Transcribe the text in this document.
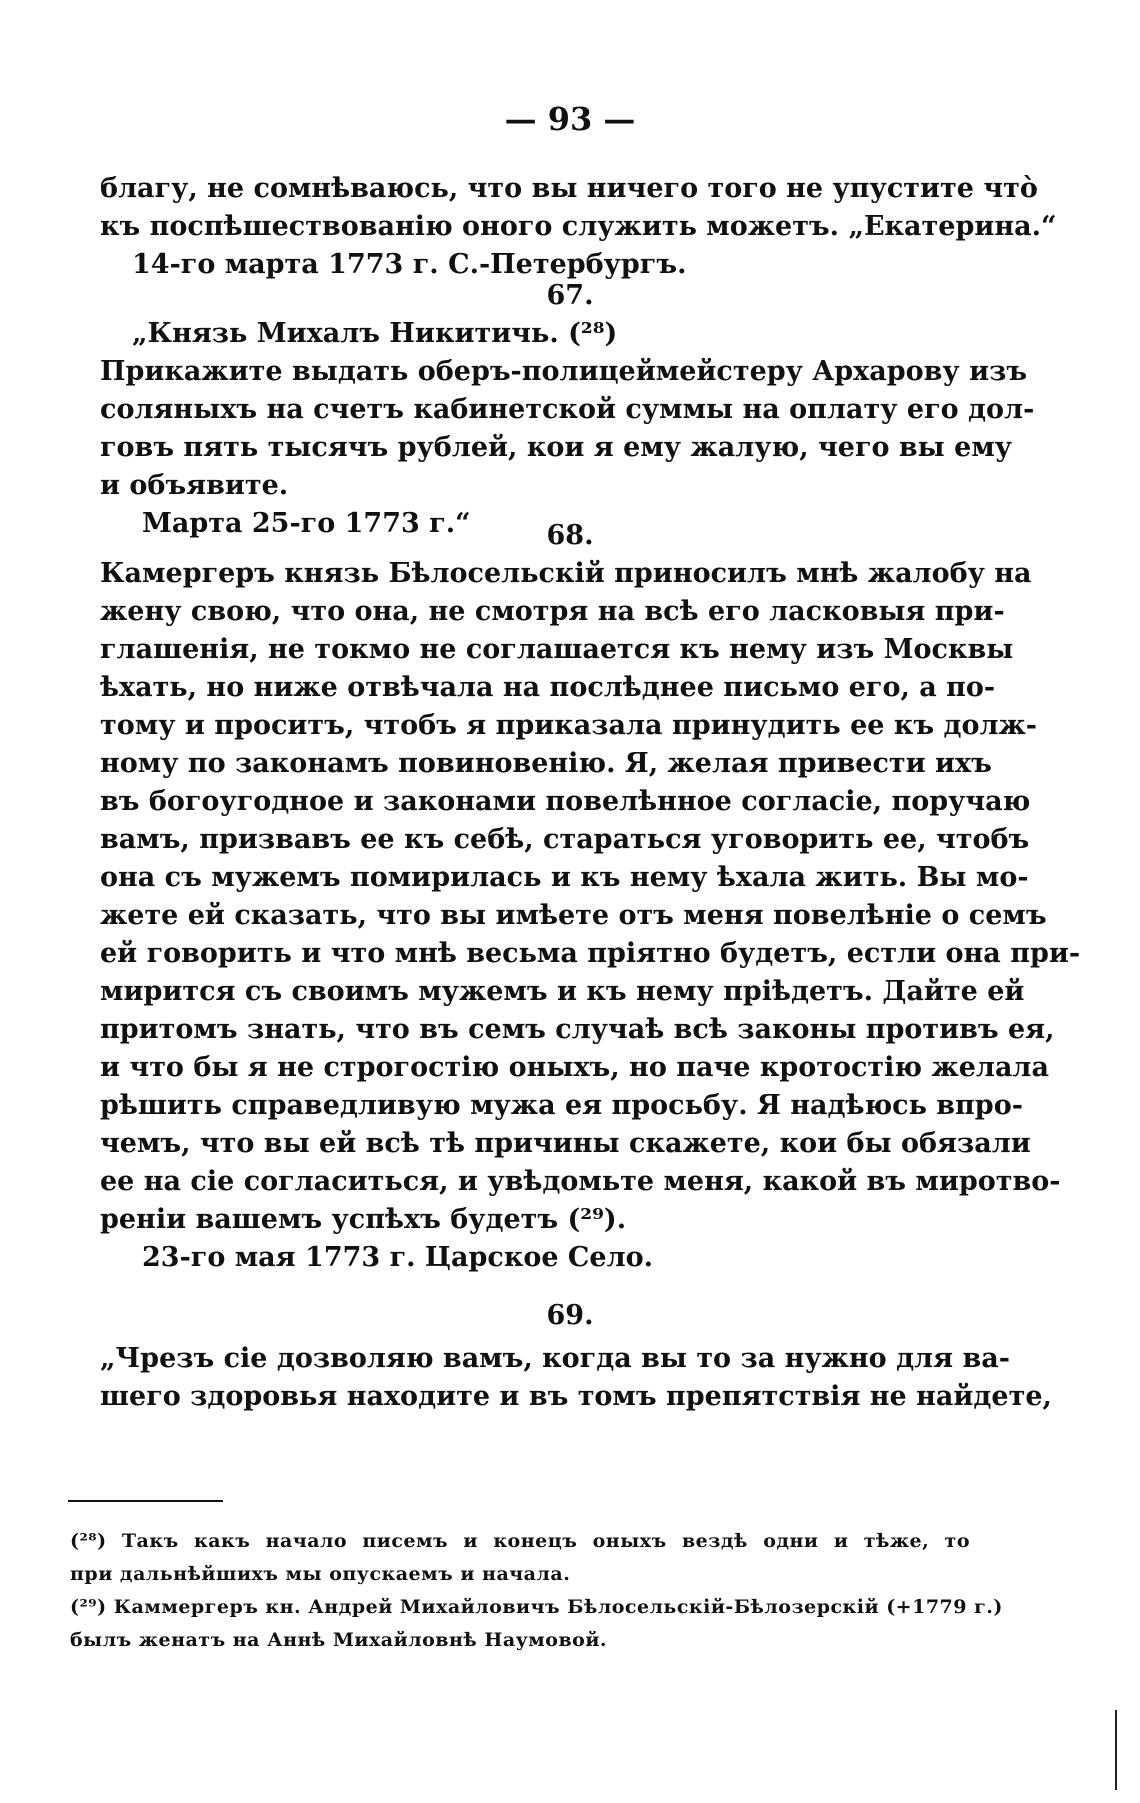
— 93 —
благу, не сомнѣваюсь, что вы ничего того не упустите что̀
къ поспѣшествованію оного служить можетъ. „Екатерина.“
14-го марта 1773 г. С.-Петербургъ.
67.
„Князь Михалъ Никитичь. (²⁸)
Прикажите выдать оберъ-полицеймейстеру Архарову изъ
соляныхъ на счетъ кабинетской суммы на оплату его дол-
говъ пять тысячъ рублей, кои я ему жалую, чего вы ему
и объявите.
Марта 25-го 1773 г.“	68.
Камергеръ князь Бѣлосельскій приносилъ мнѣ жалобу на
жену свою, что она, не смотря на всѣ его ласковыя при-
глашенія, не токмо не соглашается къ нему изъ Москвы
ѣхать, но ниже отвѣчала на послѣднее письмо его, а по-
тому и проситъ, чтобъ я приказала принудить ее къ долж-
ному по законамъ повиновенію. Я, желая привести ихъ
въ богоугодное и законами повелѣнное согласіе, поручаю
вамъ, призвавъ ее къ себѣ, стараться уговорить ее, чтобъ
она съ мужемъ помирилась и къ нему ѣхала жить. Вы мо-
жете ей сказать, что вы имѣете отъ меня повелѣніе о семъ
ей говорить и что мнѣ весьма пріятно будетъ, естли она при-
мирится съ своимъ мужемъ и къ нему пріѣдетъ. Дайте ей
притомъ знать, что въ семъ случаѣ всѣ законы противъ ея,
и что бы я не строгостію оныхъ, но паче кротостію желала
рѣшить справедливую мужа ея просьбу. Я надѣюсь впро-
чемъ, что вы ей всѣ тѣ причины скажете, кои бы обязали
ее на сіе согласиться, и увѣдомьте меня, какой въ миротво-
реніи вашемъ успѣхъ будетъ (²⁹).
23-го мая 1773 г. Царское Село.
69.
„Чрезъ сіе дозволяю вамъ, когда вы то за нужно для ва-
шего здоровья находите и въ томъ препятствія не найдете,
(²⁸) Такъ какъ начало писемъ и конецъ оныхъ вездѣ одни и тѣже, то
при дальнѣйшихъ мы опускаемъ и начала.
(²⁹) Каммергеръ кн. Андрей Михайловичъ Бѣлосельскій-Бѣлозерскій (+1779 г.)
былъ женатъ на Аннѣ Михайловнѣ Наумовой.
